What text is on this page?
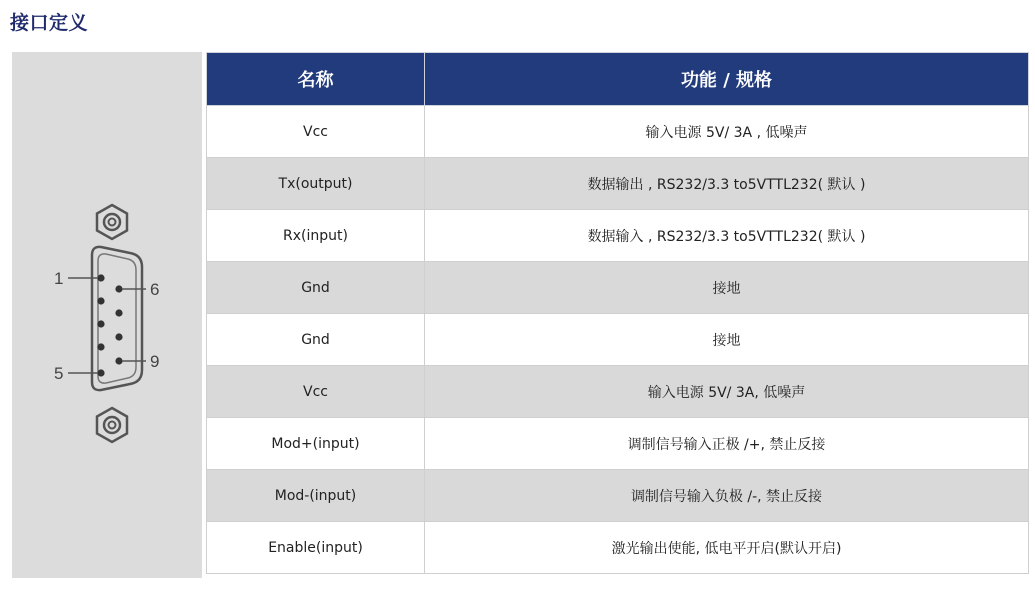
接口定义
1
6
5
9
名称	功能 / 规格
Vcc	输入电源 5V/ 3A , 低噪声
Tx(output)	数据输出 , RS232/3.3 to5VTTL232( 默认 )
Rx(input)	数据输入 , RS232/3.3 to5VTTL232( 默认 )
Gnd	接地
Gnd	接地
Vcc	输入电源 5V/ 3A, 低噪声
Mod+(input)	调制信号输入正极 /+, 禁止反接
Mod-(input)	调制信号输入负极 /-, 禁止反接
Enable(input)	激光输出使能, 低电平开启(默认开启)
